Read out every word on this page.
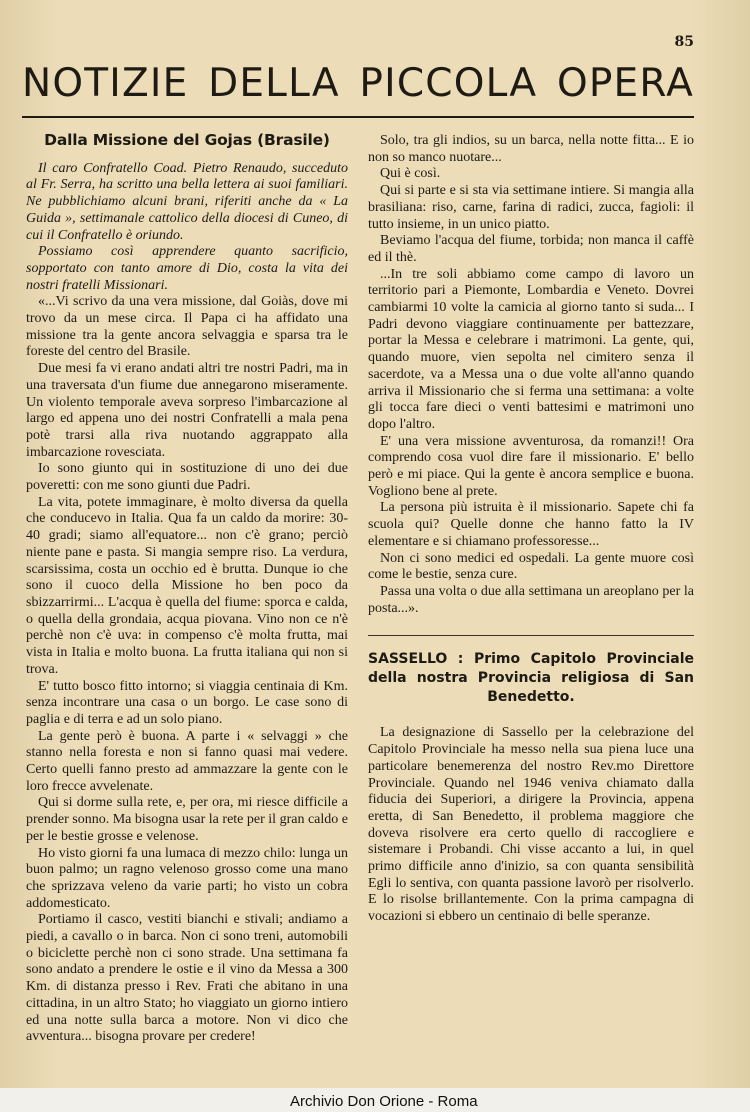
85
NOTIZIE DELLA PICCOLA OPERA
Dalla Missione del Gojas (Brasile)

Il caro Confratello Coad. Pietro Renaudo, succeduto al Fr. Serra, ha scritto una bella lettera ai suoi familiari. Ne pubblichiamo alcuni brani, riferiti anche da « La Guida », settimanale cattolico della diocesi di Cuneo, di cui il Confratello è oriundo.

Possiamo così apprendere quanto sacrificio, sopportato con tanto amore di Dio, costa la vita dei nostri fratelli Missionari.

«...Vi scrivo da una vera missione, dal Goiàs, dove mi trovo da un mese circa. Il Papa ci ha affidato una missione tra la gente ancora selvaggia e sparsa tra le foreste del centro del Brasile.

Due mesi fa vi erano andati altri tre nostri Padri, ma in una traversata d'un fiume due annegarono miseramente. Un violento temporale aveva sorpreso l'imbarcazione al largo ed appena uno dei nostri Confratelli a mala pena potè trarsi alla riva nuotando aggrappato alla imbarcazione rovesciata.

Io sono giunto qui in sostituzione di uno dei due poveretti: con me sono giunti due Padri.

La vita, potete immaginare, è molto diversa da quella che conducevo in Italia. Qua fa un caldo da morire: 30-40 gradi; siamo all'equatore... non c'è grano; perciò niente pane e pasta. Si mangia sempre riso. La verdura, scarsissima, costa un occhio ed è brutta. Dunque io che sono il cuoco della Missione ho ben poco da sbizzarrirmi... L'acqua è quella del fiume: sporca e calda, o quella della grondaia, acqua piovana. Vino non ce n'è perchè non c'è uva: in compenso c'è molta frutta, mai vista in Italia e molto buona. La frutta italiana qui non si trova.

E' tutto bosco fitto intorno; si viaggia centinaia di Km. senza incontrare una casa o un borgo. Le case sono di paglia e di terra e ad un solo piano.

La gente però è buona. A parte i « selvaggi » che stanno nella foresta e non si fanno quasi mai vedere. Certo quelli fanno presto ad ammazzare la gente con le loro frecce avvelenate.

Qui si dorme sulla rete, e, per ora, mi riesce difficile a prender sonno. Ma bisogna usar la rete per il gran caldo e per le bestie grosse e velenose.

Ho visto giorni fa una lumaca di mezzo chilo: lunga un buon palmo; un ragno velenoso grosso come una mano che sprizzava veleno da varie parti; ho visto un cobra addomesticato.

Portiamo il casco, vestiti bianchi e stivali; andiamo a piedi, a cavallo o in barca. Non ci sono treni, automobili o biciclette perchè non ci sono strade. Una settimana fa sono andato a prendere le ostie e il vino da Messa a 300 Km. di distanza presso i Rev. Frati che abitano in una cittadina, in un altro Stato; ho viaggiato un giorno intiero ed una notte sulla barca a motore. Non vi dico che avventura... bisogna provare per credere!

Solo, tra gli indios, su un barca, nella notte fitta... E io non so manco nuotare...

Qui è così.

Qui si parte e si sta via settimane intiere. Si mangia alla brasiliana: riso, carne, farina di radici, zucca, fagioli: il tutto insieme, in un unico piatto.

Beviamo l'acqua del fiume, torbida; non manca il caffè ed il thè.

...In tre soli abbiamo come campo di lavoro un territorio pari a Piemonte, Lombardia e Veneto. Dovrei cambiarmi 10 volte la camicia al giorno tanto si suda... I Padri devono viaggiare continuamente per battezzare, portar la Messa e celebrare i matrimoni. La gente, qui, quando muore, vien sepolta nel cimitero senza il sacerdote, va a Messa una o due volte all'anno quando arriva il Missionario che si ferma una settimana: a volte gli tocca fare dieci o venti battesimi e matrimoni uno dopo l'altro.

E' una vera missione avventurosa, da romanzi!! Ora comprendo cosa vuol dire fare il missionario. E' bello però e mi piace. Qui la gente è ancora semplice e buona. Vogliono bene al prete.

La persona più istruita è il missionario. Sapete chi fa scuola qui? Quelle donne che hanno fatto la IV elementare e si chiamano professoresse...

Non ci sono medici ed ospedali. La gente muore così come le bestie, senza cure.

Passa una volta o due alla settimana un areoplano per la posta...».

SASSELLO : Primo Capitolo Provinciale della nostra Provincia religiosa di San Benedetto.

La designazione di Sassello per la celebrazione del Capitolo Provinciale ha messo nella sua piena luce una particolare benemerenza del nostro Rev.mo Direttore Provinciale. Quando nel 1946 veniva chiamato dalla fiducia dei Superiori, a dirigere la Provincia, appena eretta, di San Benedetto, il problema maggiore che doveva risolvere era certo quello di raccogliere e sistemare i Probandi. Chi visse accanto a lui, in quel primo difficile anno d'inizio, sa con quanta sensibilità Egli lo sentiva, con quanta passione lavorò per risolverlo. E lo risolse brillantemente. Con la prima campagna di vocazioni si ebbero un centinaio di belle speranze.

Archivio Don Orione - Roma
